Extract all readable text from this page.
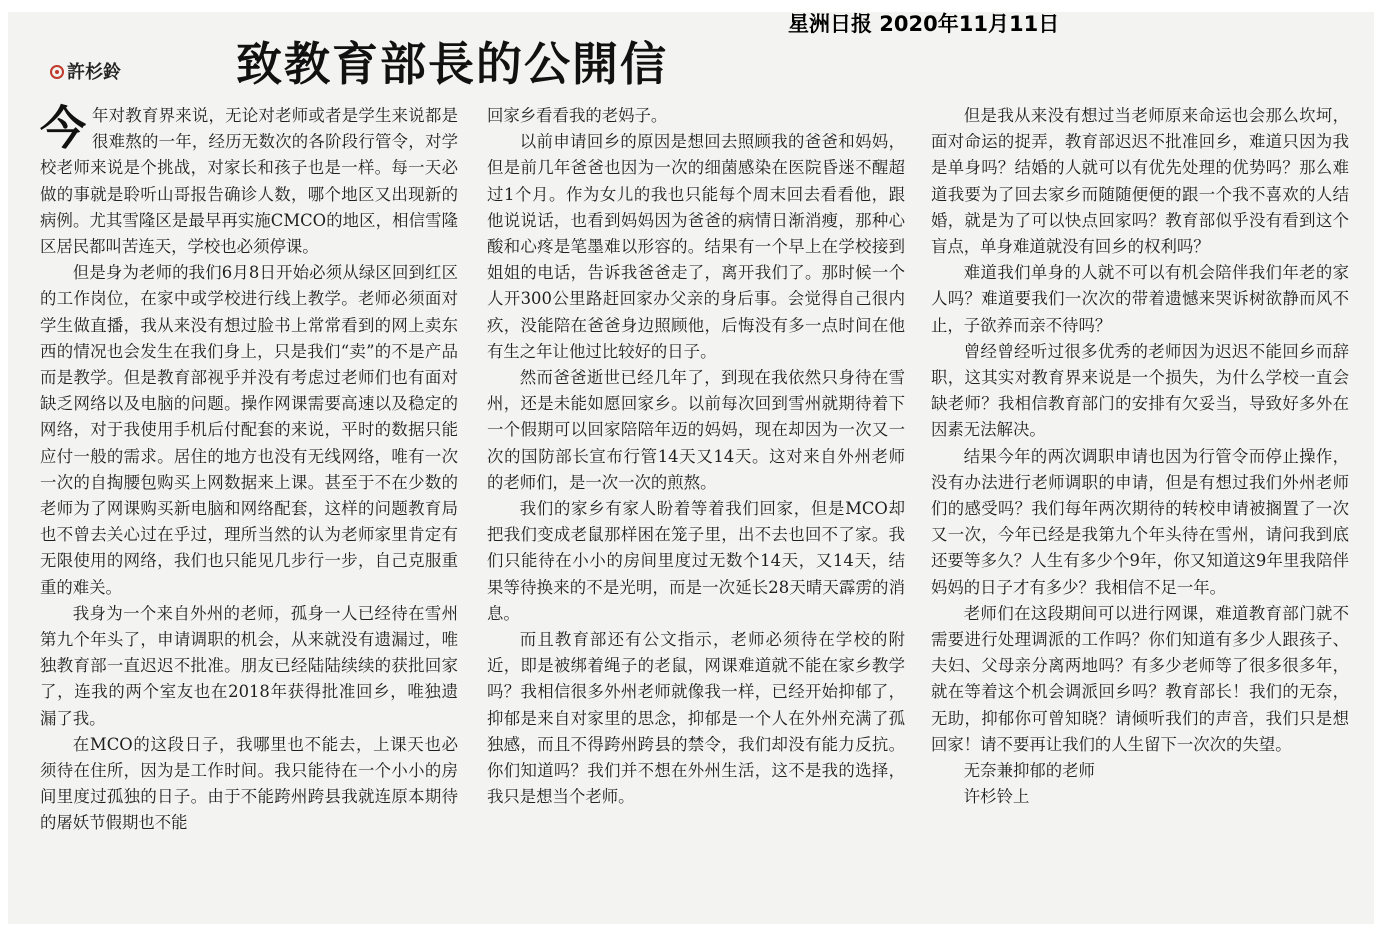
星洲日报 2020年11月11日
許杉鈴	致教育部長的公開信

今年对教育界来说，无论对老师或者是学生来说都是很难熬的一年，经历无数次的各阶段行管令，对学校老师来说是个挑战，对家长和孩子也是一样。每一天必做的事就是聆听山哥报告确诊人数，哪个地区又出现新的病例。尤其雪隆区是最早再实施CMCO的地区，相信雪隆区居民都叫苦连天，学校也必须停课。

但是身为老师的我们6月8日开始必须从绿区回到红区的工作岗位，在家中或学校进行线上教学。老师必须面对学生做直播，我从来没有想过脸书上常常看到的网上卖东西的情况也会发生在我们身上，只是我们“卖”的不是产品而是教学。但是教育部视乎并没有考虑过老师们也有面对缺乏网络以及电脑的问题。操作网课需要高速以及稳定的网络，对于我使用手机后付配套的来说，平时的数据只能应付一般的需求。居住的地方也没有无线网络，唯有一次一次的自掏腰包购买上网数据来上课。甚至于不在少数的老师为了网课购买新电脑和网络配套，这样的问题教育局也不曾去关心过在乎过，理所当然的认为老师家里肯定有无限使用的网络，我们也只能见几步行一步，自己克服重重的难关。

我身为一个来自外州的老师，孤身一人已经待在雪州第九个年头了，申请调职的机会，从来就没有遗漏过，唯独教育部一直迟迟不批准。朋友已经陆陆续续的获批回家了，连我的两个室友也在2018年获得批准回乡，唯独遗漏了我。

在MCO的这段日子，我哪里也不能去，上课天也必须待在住所，因为是工作时间。我只能待在一个小小的房间里度过孤独的日子。由于不能跨州跨县我就连原本期待的屠妖节假期也不能

回家乡看看我的老妈子。

以前申请回乡的原因是想回去照顾我的爸爸和妈妈，但是前几年爸爸也因为一次的细菌感染在医院昏迷不醒超过1个月。作为女儿的我也只能每个周末回去看看他，跟他说说话，也看到妈妈因为爸爸的病情日渐消瘦，那种心酸和心疼是笔墨难以形容的。结果有一个早上在学校接到姐姐的电话，告诉我爸爸走了，离开我们了。那时候一个人开300公里路赶回家办父亲的身后事。会觉得自己很内疚，没能陪在爸爸身边照顾他，后悔没有多一点时间在他有生之年让他过比较好的日子。

然而爸爸逝世已经几年了，到现在我依然只身待在雪州，还是未能如愿回家乡。以前每次回到雪州就期待着下一个假期可以回家陪陪年迈的妈妈，现在却因为一次又一次的国防部长宣布行管14天又14天。这对来自外州老师的老师们，是一次一次的煎熬。

我们的家乡有家人盼着等着我们回家，但是MCO却把我们变成老鼠那样困在笼子里，出不去也回不了家。我们只能待在小小的房间里度过无数个14天，又14天，结果等待换来的不是光明，而是一次延长28天晴天霹雳的消息。

而且教育部还有公文指示，老师必须待在学校的附近，即是被绑着绳子的老鼠，网课难道就不能在家乡教学吗？我相信很多外州老师就像我一样，已经开始抑郁了，抑郁是来自对家里的思念，抑郁是一个人在外州充满了孤独感，而且不得跨州跨县的禁令，我们却没有能力反抗。你们知道吗？我们并不想在外州生活，这不是我的选择，我只是想当个老师。

但是我从来没有想过当老师原来命运也会那么坎坷，面对命运的捉弄，教育部迟迟不批准回乡，难道只因为我是单身吗？结婚的人就可以有优先处理的优势吗？那么难道我要为了回去家乡而随随便便的跟一个我不喜欢的人结婚，就是为了可以快点回家吗？教育部似乎没有看到这个盲点，单身难道就没有回乡的权利吗？

难道我们单身的人就不可以有机会陪伴我们年老的家人吗？难道要我们一次次的带着遗憾来哭诉树欲静而风不止，子欲养而亲不待吗？

曾经曾经听过很多优秀的老师因为迟迟不能回乡而辞职，这其实对教育界来说是一个损失，为什么学校一直会缺老师？我相信教育部门的安排有欠妥当，导致好多外在因素无法解决。

结果今年的两次调职申请也因为行管令而停止操作，没有办法进行老师调职的申请，但是有想过我们外州老师们的感受吗？我们每年两次期待的转校申请被搁置了一次又一次，今年已经是我第九个年头待在雪州，请问我到底还要等多久？人生有多少个9年，你又知道这9年里我陪伴妈妈的日子才有多少？我相信不足一年。

老师们在这段期间可以进行网课，难道教育部门就不需要进行处理调派的工作吗？你们知道有多少人跟孩子、夫妇、父母亲分离两地吗？有多少老师等了很多很多年，就在等着这个机会调派回乡吗？教育部长！我们的无奈，无助，抑郁你可曾知晓？请倾听我们的声音，我们只是想回家！请不要再让我们的人生留下一次次的失望。

无奈兼抑郁的老师

许杉铃上
